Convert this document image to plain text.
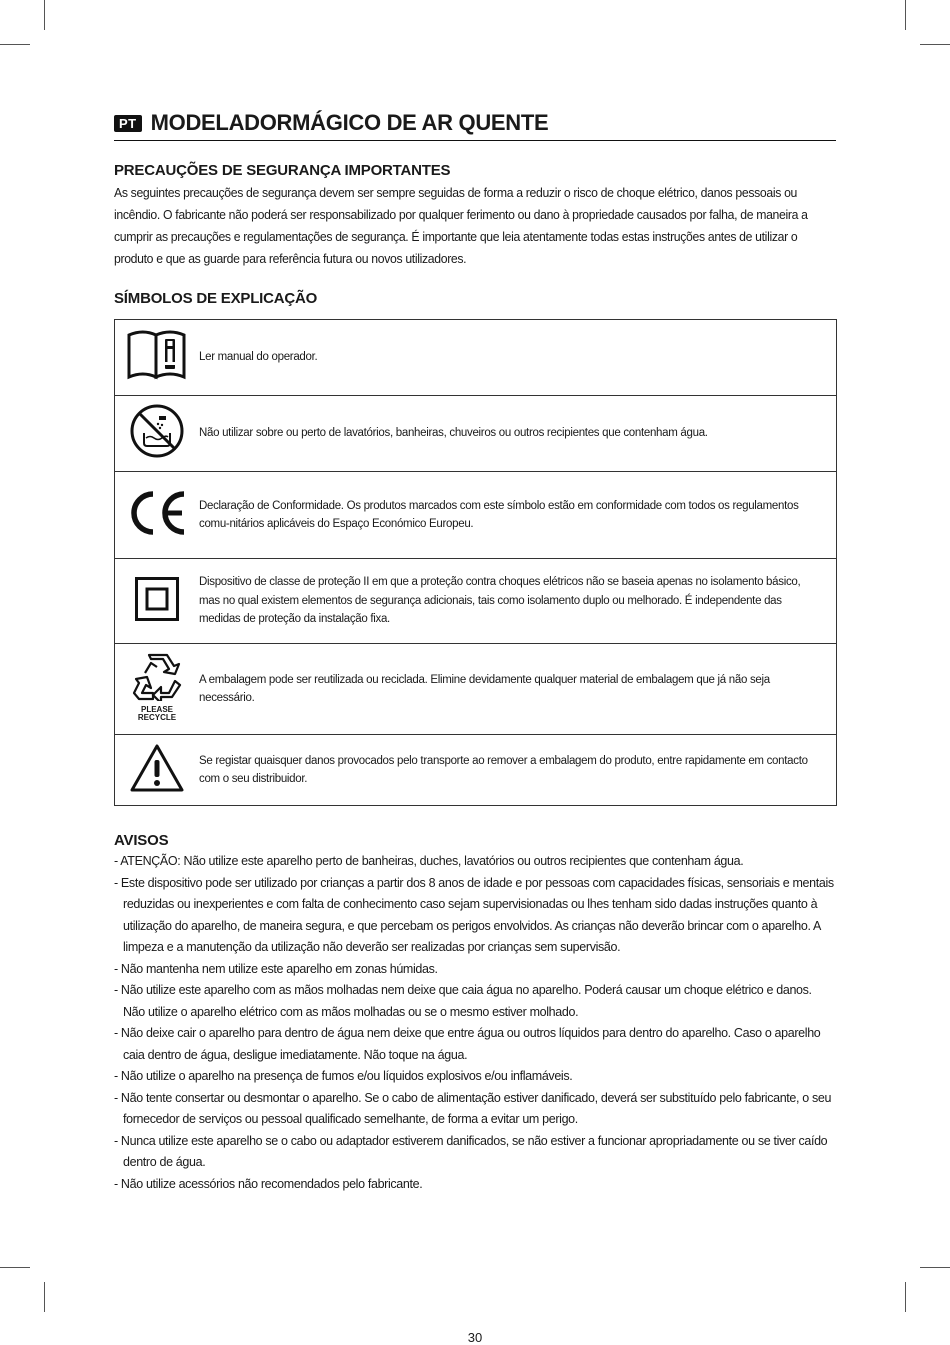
PT MODELADORMÁGICO DE AR QUENTE
PRECAUÇÕES DE SEGURANÇA IMPORTANTES

As seguintes precauções de segurança devem ser sempre seguidas de forma a reduzir o risco de choque elétrico, danos pessoais ou incêndio. O fabricante não poderá ser responsabilizado por qualquer ferimento ou dano à propriedade causados por falha, de maneira a cumprir as precauções e regulamentações de segurança. É importante que leia atentamente todas estas instruções antes de utilizar o produto e que as guarde para referência futura ou novos utilizadores.

SÍMBOLOS DE EXPLICAÇÃO
	Ler manual do operador.
	Não utilizar sobre ou perto de lavatórios, banheiras, chuveiros ou outros recipientes que contenham água.
	Declaração de Conformidade. Os produtos marcados com este símbolo estão em conformidade com todos os regulamentos comu-nitários aplicáveis do Espaço Económico Europeu.
	Dispositivo de classe de proteção II em que a proteção contra choques elétricos não se baseia apenas no isolamento básico, mas no qual existem elementos de segurança adicionais, tais como isolamento duplo ou melhorado. É independente das medidas de proteção da instalação fixa.

PLEASE
RECYCLE	A embalagem pode ser reutilizada ou reciclada. Elimine devidamente qualquer material de embalagem que já não seja necessário.
	Se registar quaisquer danos provocados pelo transporte ao remover a embalagem do produto, entre rapidamente em contacto com o seu distribuidor.
AVISOS
- ATENÇÃO: Não utilize este aparelho perto de banheiras, duches, lavatórios ou outros recipientes que contenham água.
- Este dispositivo pode ser utilizado por crianças a partir dos 8 anos de idade e por pessoas com capacidades físicas, sensoriais e mentais reduzidas ou inexperientes e com falta de conhecimento caso sejam supervisionadas ou lhes tenham sido dadas instruções quanto à utilização do aparelho, de maneira segura, e que percebam os perigos envolvidos. As crianças não deverão brincar com o aparelho. A limpeza e a manutenção da utilização não deverão ser realizadas por crianças sem supervisão.
- Não mantenha nem utilize este aparelho em zonas húmidas.
- Não utilize este aparelho com as mãos molhadas nem deixe que caia água no aparelho. Poderá causar um choque elétrico e danos. Não utilize o aparelho elétrico com as mãos molhadas ou se o mesmo estiver molhado.
- Não deixe cair o aparelho para dentro de água nem deixe que entre água ou outros líquidos para dentro do aparelho. Caso o aparelho caia dentro de água, desligue imediatamente. Não toque na água.
- Não utilize o aparelho na presença de fumos e/ou líquidos explosivos e/ou inflamáveis.
- Não tente consertar ou desmontar o aparelho. Se o cabo de alimentação estiver danificado, deverá ser substituído pelo fabricante, o seu fornecedor de serviços ou pessoal qualificado semelhante, de forma a evitar um perigo.
- Nunca utilize este aparelho se o cabo ou adaptador estiverem danificados, se não estiver a funcionar apropriadamente ou se tiver caído dentro de água.
- Não utilize acessórios não recomendados pelo fabricante.
30
